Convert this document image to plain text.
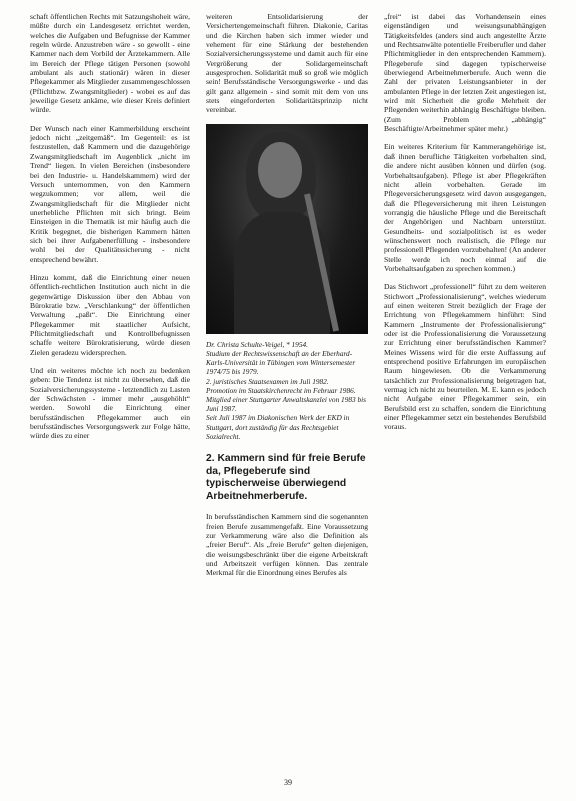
schaft öffentlichen Rechts mit Satzungshoheit wäre, müßte durch ein Landesgesetz errichtet werden, welches die Aufgaben und Befugnisse der Kammer regeln würde. Anzustreben wäre - so gewollt - eine Kammer nach dem Vorbild der Ärztekammern. Alle im Bereich der Pflege tätigen Personen (sowohl ambulant als auch stationär) wären in dieser Pflegekammer als Mitglieder zusammengeschlossen (Pflichtbzw. Zwangsmitglieder) - wobei es auf das jeweilige Gesetz ankäme, wie dieser Kreis definiert würde.

Der Wunsch nach einer Kammerbildung erscheint jedoch nicht „zeitgemäß“. Im Gegenteil: es ist festzustellen, daß Kammern und die dazugehörige Zwangsmitgliedschaft im Augenblick „nicht im Trend“ liegen. In vielen Bereichen (insbesondere bei den Industrie- u. Handelskammern) wird der Versuch unternommen, von den Kammern wegzukommen; vor allem, weil die Zwangsmitgliedschaft für die Mitglieder nicht unerhebliche Pflichten mit sich bringt. Beim Einsteigen in die Thematik ist mir häufig auch die Kritik begegnet, die bisherigen Kammern hätten sich bei ihrer Aufgabenerfüllung - insbesondere wohl bei der Qualitätssicherung - nicht entsprechend bewährt.

Hinzu kommt, daß die Einrichtung einer neuen öffentlich-rechtlichen Institution auch nicht in die gegenwärtige Diskussion über den Abbau von Bürokratie bzw. „Verschlankung“ der öffentlichen Verwaltung „paßt“. Die Einrichtung einer Pflegekammer mit staatlicher Aufsicht, Pflichtmitgliedschaft und Kontrollbefugnissen schaffe weitere Bürokratisierung, würde diesen Zielen geradezu widersprechen.

Und ein weiteres möchte ich noch zu bedenken geben: Die Tendenz ist nicht zu übersehen, daß die Sozialversicherungssysteme - letztendlich zu Lasten der Schwächsten - immer mehr „ausgehöhlt“ werden. Sowohl die Einrichtung einer berufsständischen Pflegekammer auch ein berufsständisches Versorgungswerk zur Folge hätte, würde dies zu einer

weiteren Entsolidarisierung der Versichertengemeinschaft führen. Diakonie, Caritas und die Kirchen haben sich immer wieder und vehement für eine Stärkung der bestehenden Sozialversicherungssysteme und damit auch für eine Vergrößerung der Solidargemeinschaft ausgesprochen. Solidarität muß so groß wie möglich sein! Berufsständische Versorgungswerke - und das gilt ganz allgemein - sind somit mit dem von uns stets eingeforderten Solidaritätsprinzip nicht vereinbar.

Dr. Christa Schulte-Veigel, * 1954.

Studium der Rechtswissenschaft an der Eberhard-Karls-Universität in Tübingen vom Wintersemester 1974/75 bis 1979.

2. juristisches Staatsexamen im Juli 1982.

Promotion im Staatskirchenrecht im Februar 1986.

Mitglied einer Stuttgarter Anwaltskanzlei von 1983 bis Juni 1987.

Seit Juli 1987 im Diakonischen Werk der EKD in Stuttgart, dort zuständig für das Rechtsgebiet Sozialrecht.

2. Kammern sind für freie Berufe da, Pflegeberufe sind typischerweise überwiegend Arbeitnehmerberufe.

In berufsständischen Kammern sind die sogenannten freien Berufe zusammengefaßt. Eine Voraussetzung zur Verkammerung wäre also die Definition als „freier Beruf“. Als „freie Berufe“ gelten diejenigen, die weisungsbeschränkt über die eigene Arbeitskraft und Arbeitszeit verfügen können. Das zentrale Merkmal für die Einordnung eines Berufes als

„frei“ ist dabei das Vorhandensein eines eigenständigen und weisungsunabhängigen Tätigkeitsfeldes (anders sind auch angestellte Ärzte und Rechtsanwälte potentielle Freiberufler und daher Pflichtmitglieder in den entsprechenden Kammern). Pflegeberufe sind dagegen typischerweise überwiegend Arbeitnehmerberufe. Auch wenn die Zahl der privaten Leistungsanbieter in der ambulanten Pflege in der letzten Zeit angestiegen ist, wird mit Sicherheit die große Mehrheit der Pflegenden weiterhin abhängig Beschäftigte bleiben. (Zum Problem „abhängig“ Beschäftigte/Arbeitnehmer später mehr.)

Ein weiteres Kriterium für Kammerangehörige ist, daß ihnen berufliche Tätigkeiten vorbehalten sind, die andere nicht ausüben können und dürfen (sog. Vorbehaltsaufgaben). Pflege ist aber Pflegekräften nicht allein vorbehalten. Gerade im Pflegeversicherungsgesetz wird davon ausgegangen, daß die Pflegeversicherung mit ihren Leistungen vorrangig die häusliche Pflege und die Bereitschaft der Angehörigen und Nachbarn unterstützt. Gesundheits- und sozialpolitisch ist es weder wünschenswert noch realistisch, die Pflege nur professionell Pflegenden vorzubehalten! (An anderer Stelle werde ich noch einmal auf die Vorbehaltsaufgaben zu sprechen kommen.)

Das Stichwort „professionell“ führt zu dem weiteren Stichwort „Professionalisierung“, welches wiederum auf einen weiteren Streit bezüglich der Frage der Errichtung von Pflegekammern hinführt: Sind Kammern „Instrumente der Professionalisierung“ oder ist die Professionalisierung die Voraussetzung zur Errichtung einer berufsständischen Kammer? Meines Wissens wird für die erste Auffassung auf entsprechend positive Erfahrungen im europäischen Raum hingewiesen. Ob die Verkammerung tatsächlich zur Professionalisierung beigetragen hat, vermag ich nicht zu beurteilen. M. E. kann es jedoch nicht Aufgabe einer Pflegekammer sein, ein Berufsbild erst zu schaffen, sondern die Einrichtung einer Pflegekammer setzt ein bestehendes Berufsbild voraus.

39
